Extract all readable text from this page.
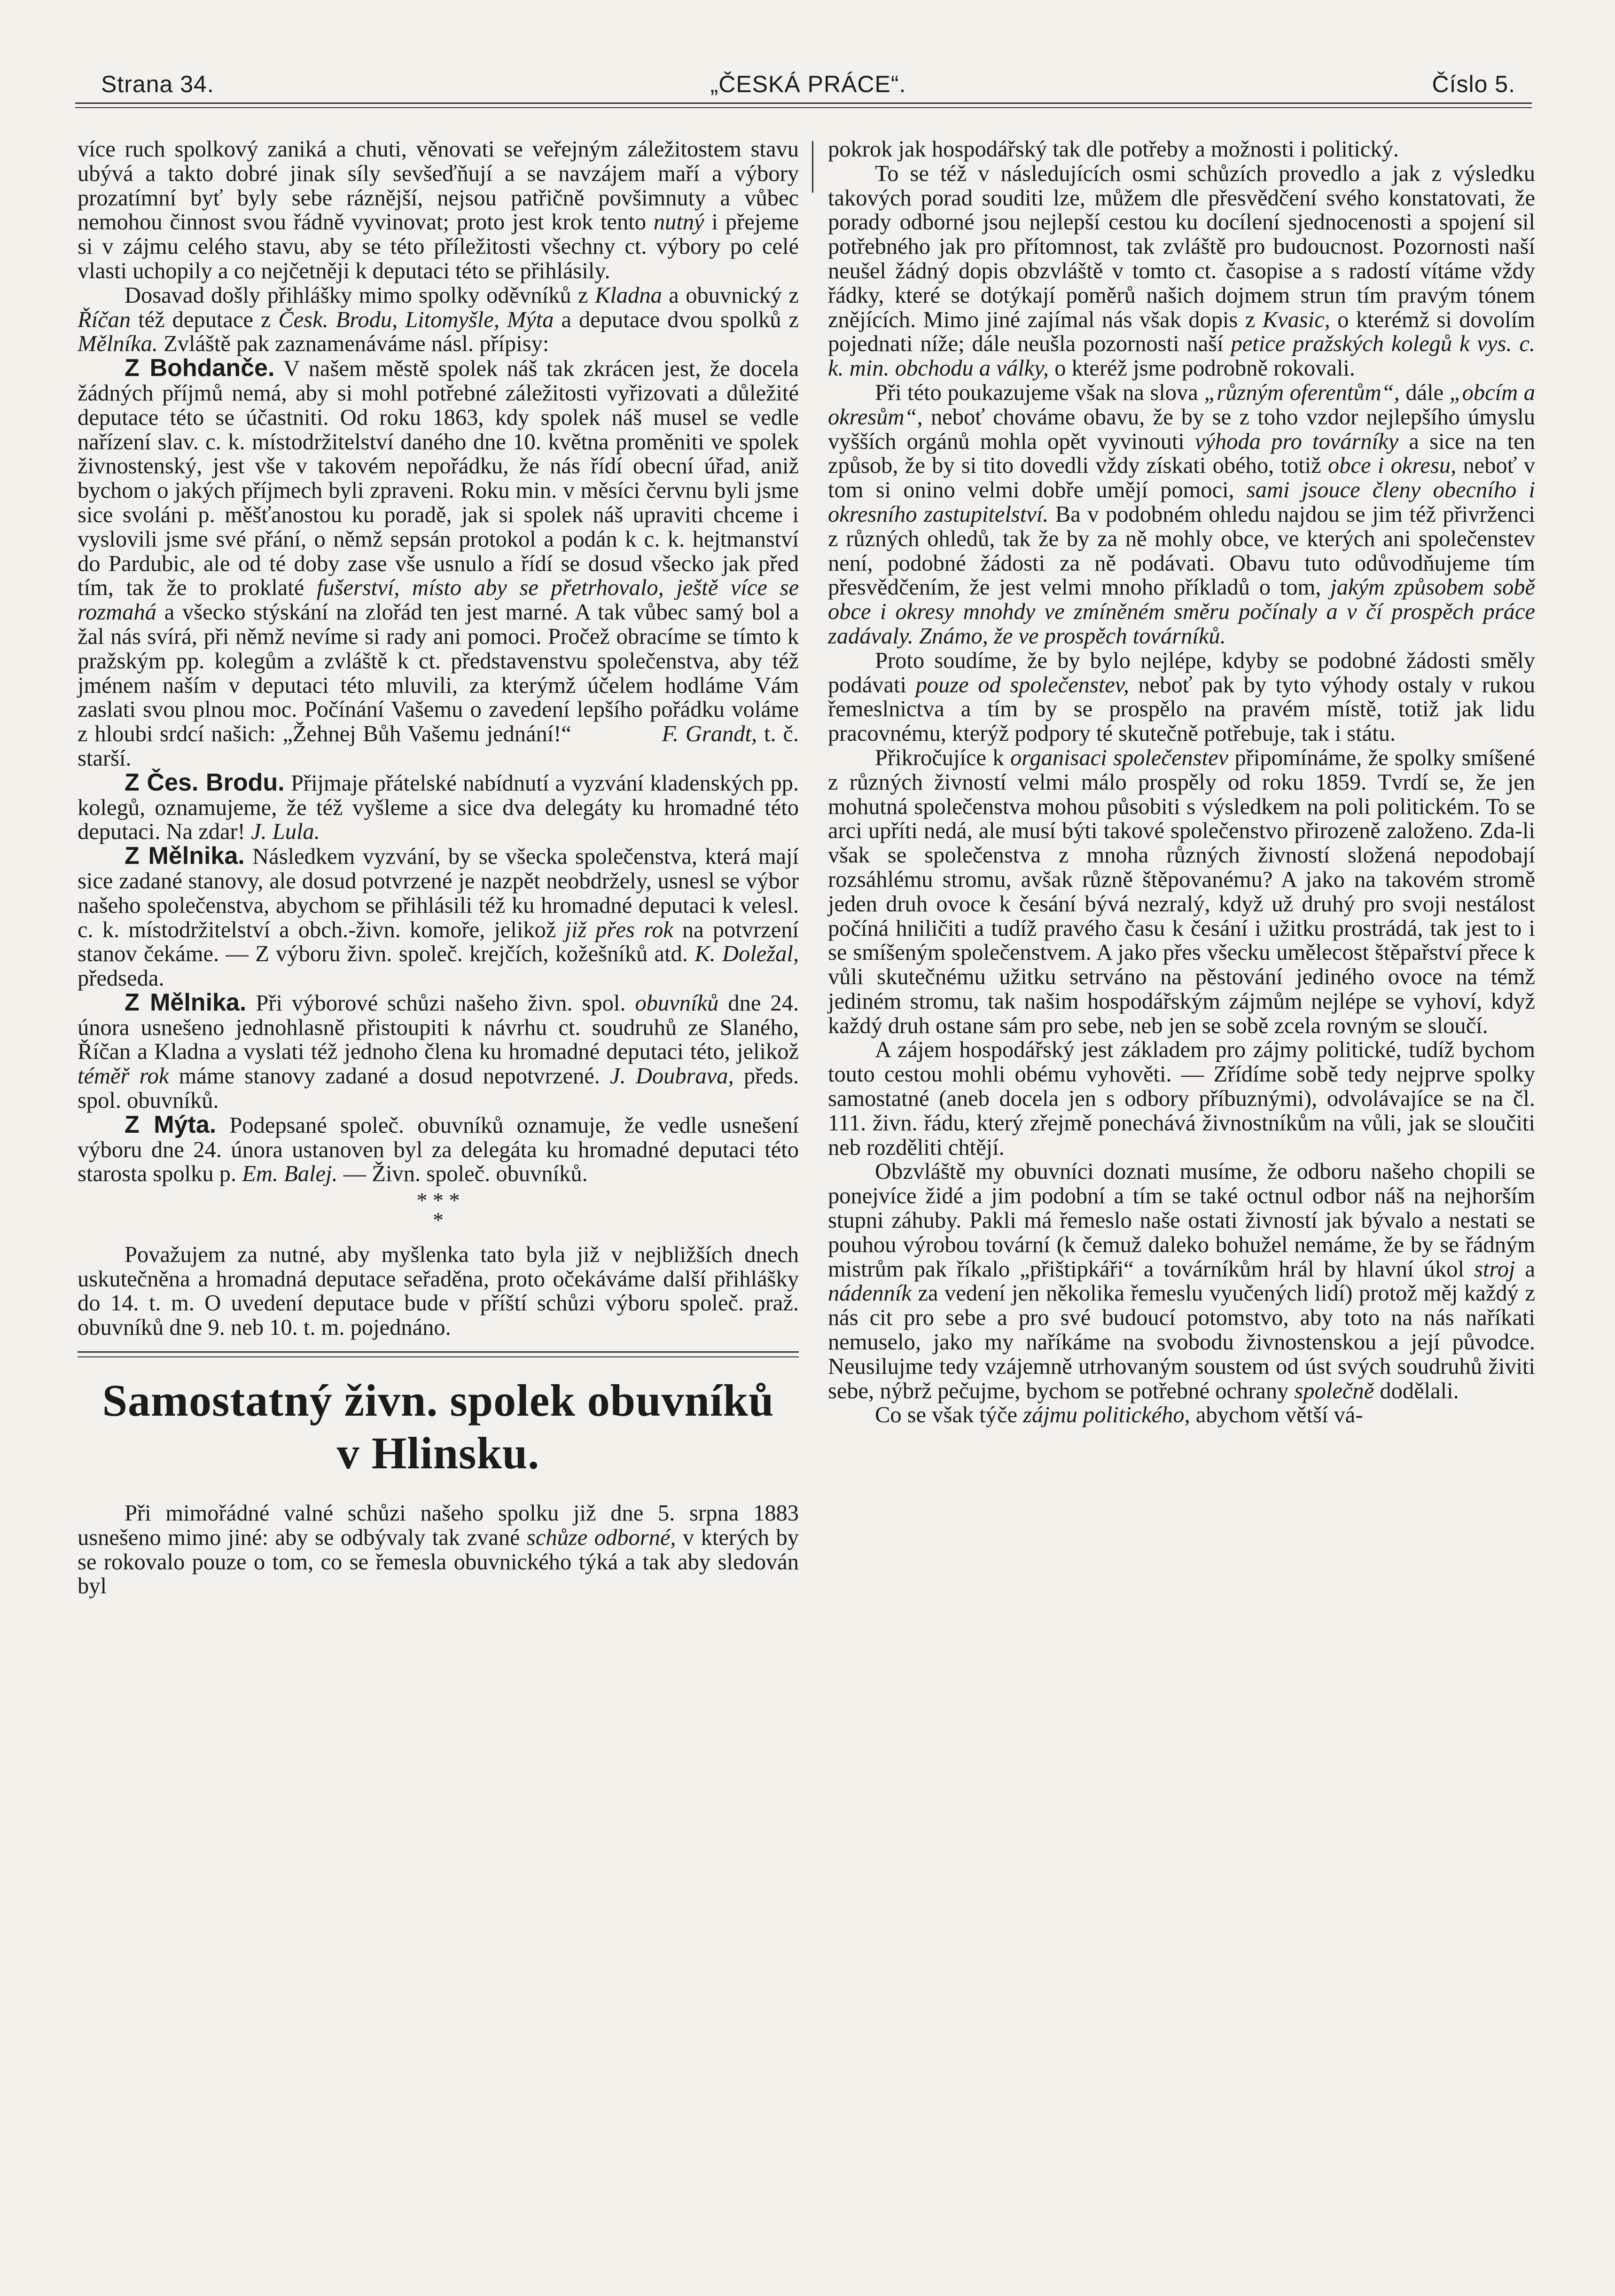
Strana 34.	„ČESKÁ PRÁCE“.	Číslo 5.

více ruch spolkový zaniká a chuti, věnovati se veřejným záležitostem stavu ubývá a takto dobré jinak síly sevšeďňují a se navzájem maří a výbory prozatímní byť byly sebe ráznější, nejsou patřičně povšimnuty a vůbec nemohou činnost svou řádně vyvinovat; proto jest krok tento nutný i přejeme si v zájmu celého stavu, aby se této příležitosti všechny ct. výbory po celé vlasti uchopily a co nejčetněji k deputaci této se přihlásily.

Dosavad došly přihlášky mimo spolky oděvníků z Kladna a obuvnický z Říčan též deputace z Česk. Brodu, Litomyšle, Mýta a deputace dvou spolků z Mělníka. Zvláště pak zaznamenáváme násl. přípisy:

Z Bohdanče. V našem městě spolek náš tak zkrácen jest, že docela žádných příjmů nemá, aby si mohl potřebné záležitosti vyřizovati a důležité deputace této se účastniti. Od roku 1863, kdy spolek náš musel se vedle nařízení slav. c. k. místodržitelství daného dne 10. května proměniti ve spolek živnostenský, jest vše v takovém nepořádku, že nás řídí obecní úřad, aniž bychom o jakých příjmech byli zpraveni. Roku min. v měsíci červnu byli jsme sice svoláni p. měšťanostou ku poradě, jak si spolek náš upraviti chceme i vyslovili jsme své přání, o němž sepsán protokol a podán k c. k. hejtmanství do Pardubic, ale od té doby zase vše usnulo a řídí se dosud všecko jak před tím, tak že to proklaté fušerství, místo aby se přetrhovalo, ještě více se rozmahá a všecko stýskání na zlořád ten jest marné. A tak vůbec samý bol a žal nás svírá, při němž nevíme si rady ani pomoci. Pročež obracíme se tímto k pražským pp. kolegům a zvláště k ct. představenstvu společenstva, aby též jménem naším v deputaci této mluvili, za kterýmž účelem hodláme Vám zaslati svou plnou moc. Počínání Vašemu o zavedení lepšího pořádku voláme z hloubi srdcí našich: „Žehnej Bůh Vašemu jednání!“	F. Grandt, t. č. starší.

Z Čes. Brodu. Přijmaje přátelské nabídnutí a vyzvání kladenských pp. kolegů, oznamujeme, že též vyšleme a sice dva delegáty ku hromadné této deputaci. Na zdar! J. Lula.

Z Mělnika. Následkem vyzvání, by se všecka společenstva, která mají sice zadané stanovy, ale dosud potvrzené je nazpět neobdržely, usnesl se výbor našeho společenstva, abychom se přihlásili též ku hromadné deputaci k velesl. c. k. místodržitelství a obch.-živn. komoře, jelikož již přes rok na potvrzení stanov čekáme. — Z výboru živn. společ. krejčích, kožešníků atd. K. Doležal, předseda.

Z Mělnika. Při výborové schůzi našeho živn. spol. obuvníků dne 24. února usnešeno jednohlasně přistoupiti k návrhu ct. soudruhů ze Slaného, Říčan a Kladna a vyslati též jednoho člena ku hromadné deputaci této, jelikož téměř rok máme stanovy zadané a dosud nepotvrzené. J. Doubrava, předs. spol. obuvníků.

Z Mýta. Podepsané společ. obuvníků oznamuje, že vedle usnešení výboru dne 24. února ustanoven byl za delegáta ku hromadné deputaci této starosta spolku p. Em. Balej. — Živn. společ. obuvníků.

* * *
*

Považujem za nutné, aby myšlenka tato byla již v nejbližších dnech uskutečněna a hromadná deputace seřaděna, proto očekáváme další přihlášky do 14. t. m. O uvedení deputace bude v příští schůzi výboru společ. praž. obuvníků dne 9. neb 10. t. m. pojednáno.

Samostatný živn. spolek obuvníků
v Hlinsku.

Při mimořádné valné schůzi našeho spolku již dne 5. srpna 1883 usnešeno mimo jiné: aby se odbývaly tak zvané schůze odborné, v kterých by se rokovalo pouze o tom, co se řemesla obuvnického týká a tak aby sledován byl

pokrok jak hospodářský tak dle potřeby a možnosti i politický.

To se též v následujících osmi schůzích provedlo a jak z výsledku takových porad souditi lze, můžem dle přesvědčení svého konstatovati, že porady odborné jsou nejlepší cestou ku docílení sjednocenosti a spojení sil potřebného jak pro přítomnost, tak zvláště pro budoucnost. Pozornosti naší neušel žádný dopis obzvláště v tomto ct. časopise a s radostí vítáme vždy řádky, které se dotýkají poměrů našich dojmem strun tím pravým tónem znějících. Mimo jiné zajímal nás však dopis z Kvasic, o kterémž si dovolím pojednati níže; dále neušla pozornosti naší petice pražských kolegů k vys. c. k. min. obchodu a války, o kteréž jsme podrobně rokovali.

Při této poukazujeme však na slova „různým oferentům“, dále „obcím a okresům“, neboť chováme obavu, že by se z toho vzdor nejlepšího úmyslu vyšších orgánů mohla opět vyvinouti výhoda pro továrníky a sice na ten způsob, že by si tito dovedli vždy získati obého, totiž obce i okresu, neboť v tom si onino velmi dobře umějí pomoci, sami jsouce členy obecního i okresního zastupitelství. Ba v podobném ohledu najdou se jim též přivrženci z různých ohledů, tak že by za ně mohly obce, ve kterých ani společenstev není, podobné žádosti za ně podávati. Obavu tuto odůvodňujeme tím přesvědčením, že jest velmi mnoho příkladů o tom, jakým způsobem sobě obce i okresy mnohdy ve zmíněném směru počínaly a v čí prospěch práce zadávaly. Známo, že ve prospěch továrníků.

Proto soudíme, že by bylo nejlépe, kdyby se podobné žádosti směly podávati pouze od společenstev, neboť pak by tyto výhody ostaly v rukou řemeslnictva a tím by se prospělo na pravém místě, totiž jak lidu pracovnému, kterýž podpory té skutečně potřebuje, tak i státu.

Přikročujíce k organisaci společenstev připomínáme, že spolky smíšené z různých živností velmi málo prospěly od roku 1859. Tvrdí se, že jen mohutná společenstva mohou působiti s výsledkem na poli politickém. To se arci upříti nedá, ale musí býti takové společenstvo přirozeně založeno. Zda-li však se společenstva z mnoha různých živností složená nepodobají rozsáhlému stromu, avšak různě štěpovanému? A jako na takovém stromě jeden druh ovoce k česání bývá nezralý, když už druhý pro svoji nestálost počíná hniličiti a tudíž pravého času k česání i užitku prostrádá, tak jest to i se smíšeným společenstvem. A jako přes všecku umělecost štěpařství přece k vůli skutečnému užitku setrváno na pěstování jediného ovoce na témž jediném stromu, tak našim hospodářským zájmům nejlépe se vyhoví, když každý druh ostane sám pro sebe, neb jen se sobě zcela rovným se sloučí.

A zájem hospodářský jest základem pro zájmy politické, tudíž bychom touto cestou mohli obému vyhověti. — Zřídíme sobě tedy nejprve spolky samostatné (aneb docela jen s odbory příbuznými), odvolávajíce se na čl. 111. živn. řádu, který zřejmě ponechává živnostníkům na vůli, jak se sloučiti neb rozděliti chtějí.

Obzvláště my obuvníci doznati musíme, že odboru našeho chopili se ponejvíce židé a jim podobní a tím se také octnul odbor náš na nejhorším stupni záhuby. Pakli má řemeslo naše ostati živností jak bývalo a nestati se pouhou výrobou tovární (k čemuž daleko bohužel nemáme, že by se řádným mistrům pak říkalo „přištipkáři“ a továrníkům hrál by hlavní úkol stroj a nádenník za vedení jen několika řemeslu vyučených lidí) protož měj každý z nás cit pro sebe a pro své budoucí potomstvo, aby toto na nás naříkati nemuselo, jako my naříkáme na svobodu živnostenskou a její původce. Neusilujme tedy vzájemně utrhovaným soustem od úst svých soudruhů živiti sebe, nýbrž pečujme, bychom se potřebné ochrany společně dodělali.

Co se však týče zájmu politického, abychom větší vá-
